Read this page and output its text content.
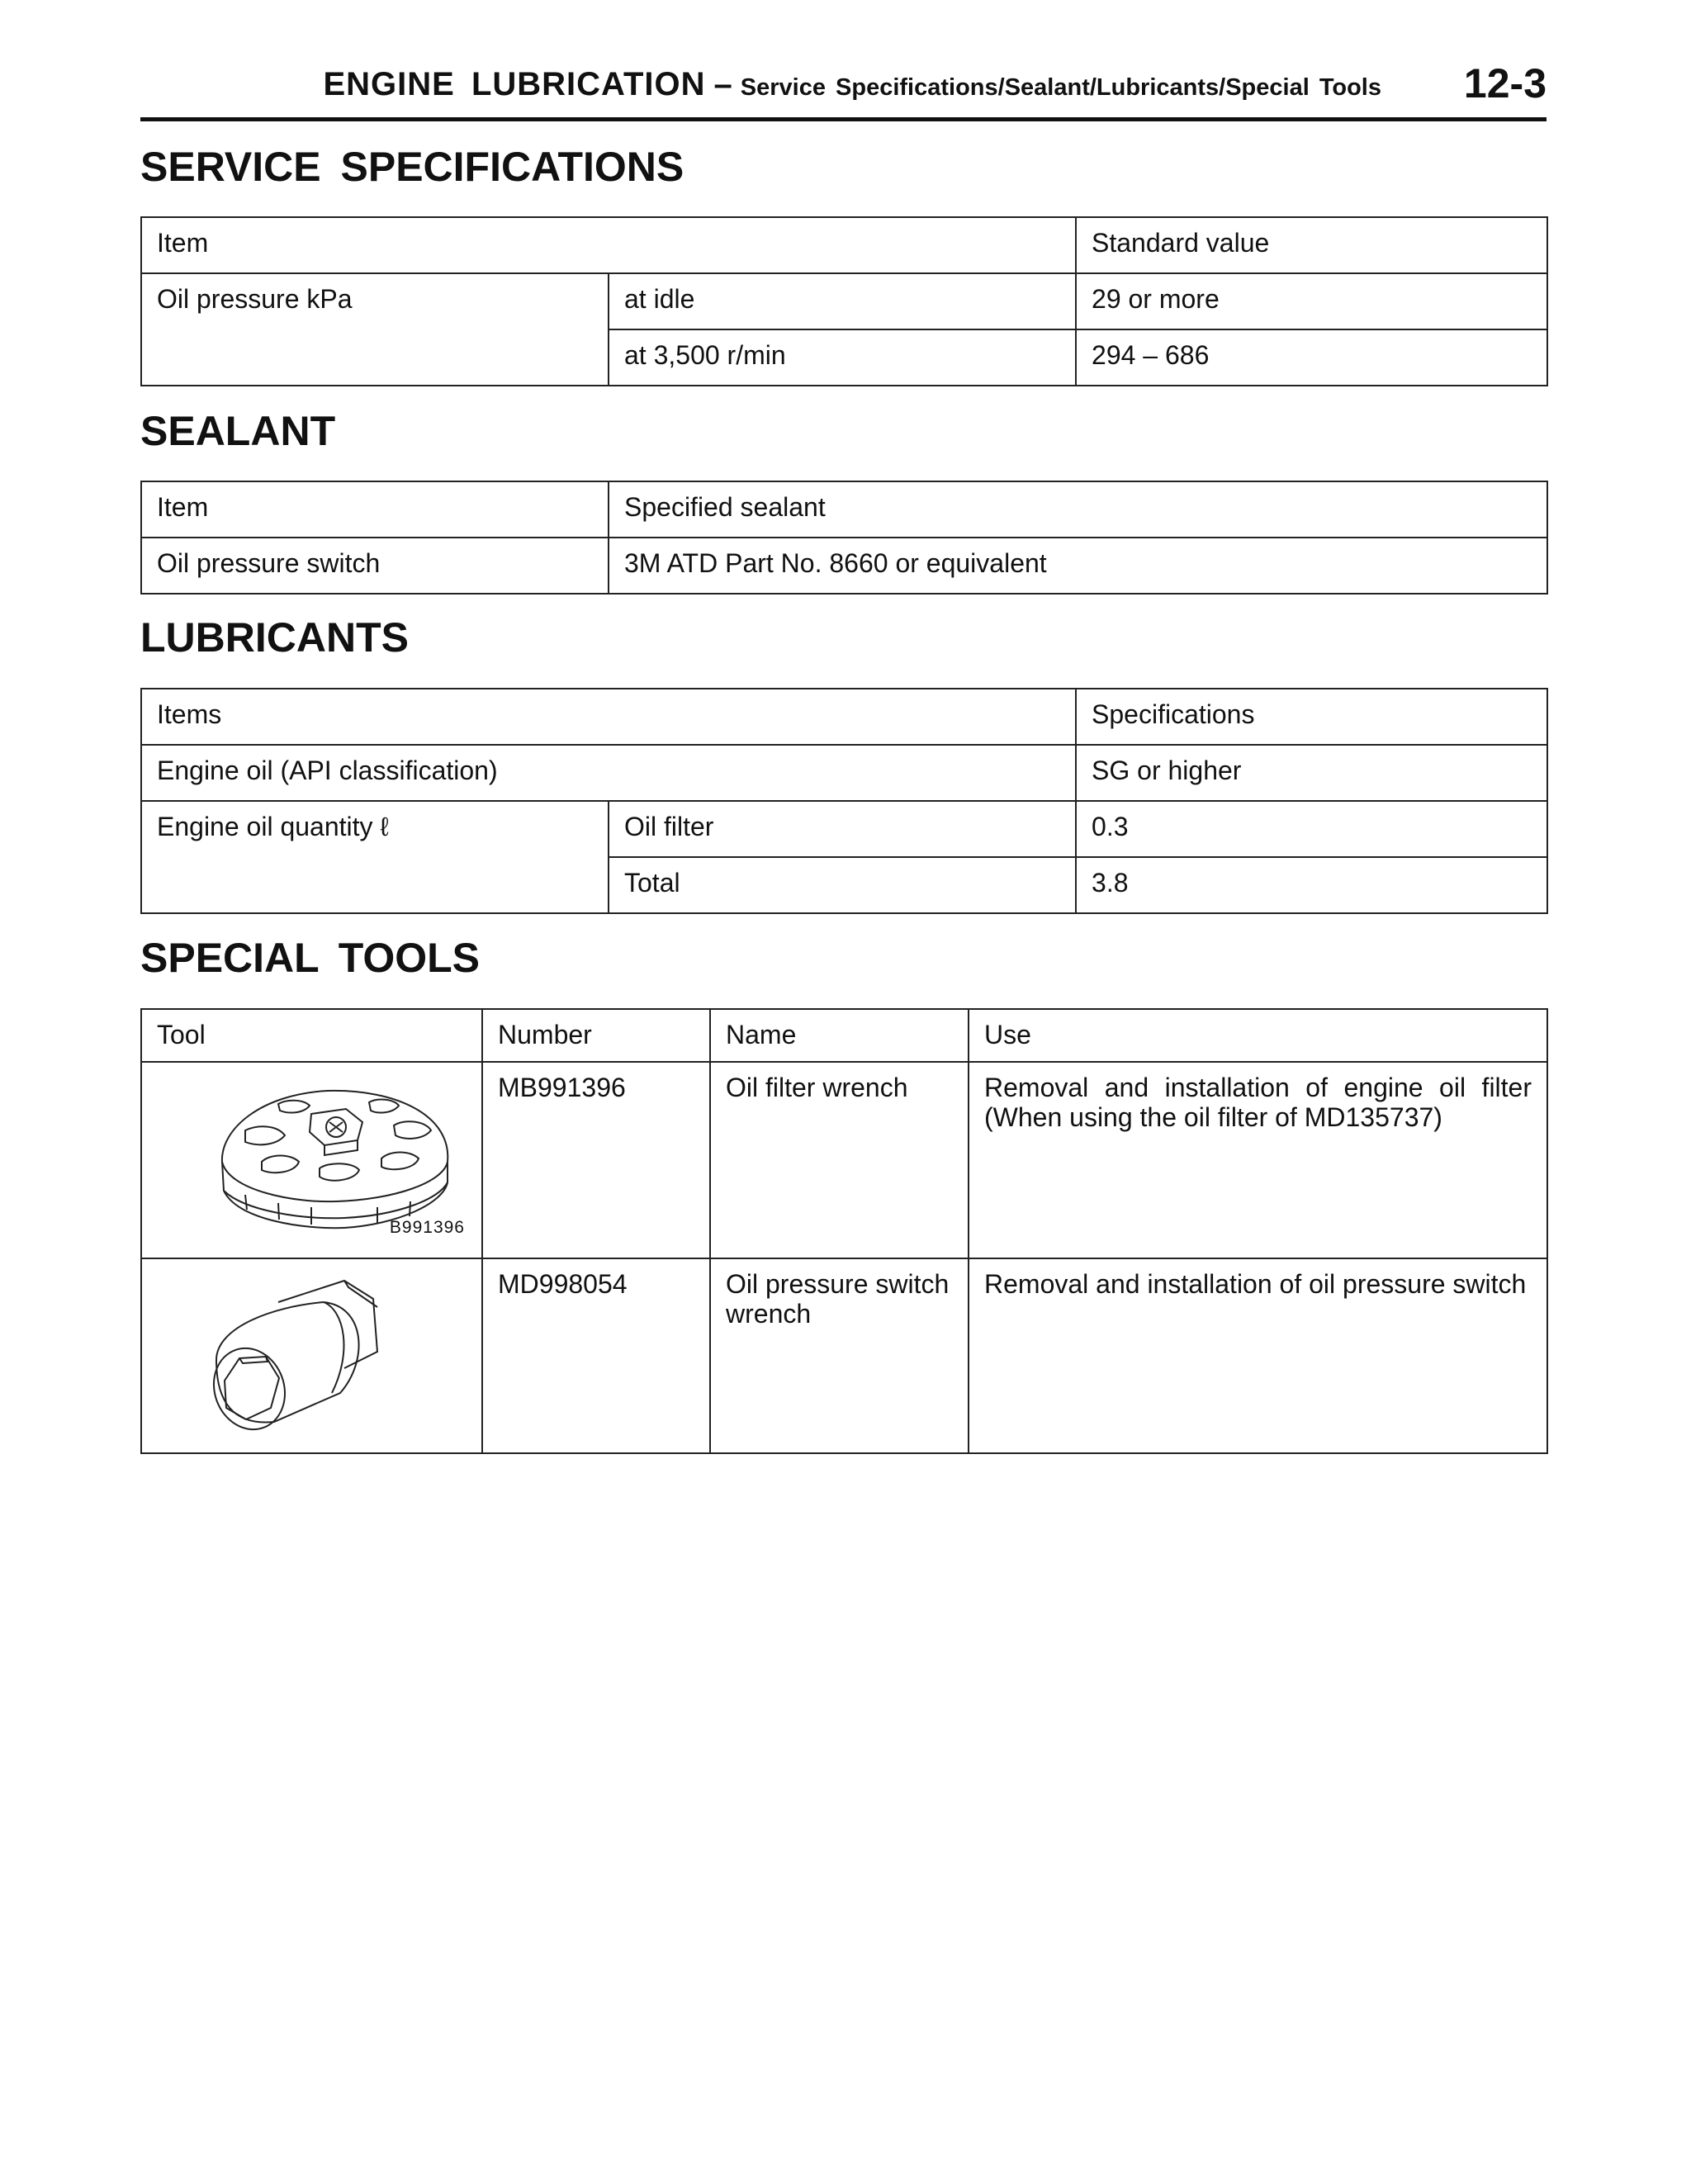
ENGINE LUBRICATION – Service Specifications/Sealant/Lubricants/Special Tools 12-3
SERVICE SPECIFICATIONS
Item		Standard value
Oil pressure kPa	at idle	29 or more
	at 3,500 r/min	294 – 686
SEALANT
Item	Specified sealant
Oil pressure switch	3M ATD Part No. 8660 or equivalent
LUBRICANTS
Items		Specifications
Engine oil (API classification)		SG or higher
Engine oil quantity ℓ	Oil filter	0.3
	Total	3.8
SPECIAL TOOLS
Tool	Number	Name	Use

B991396	MB991396	Oil filter wrench	Removal and installation of engine oil filter (When using the oil filter of MD135737)

	MD998054	Oil pressure switch wrench	Removal and installation of oil pressure switch
